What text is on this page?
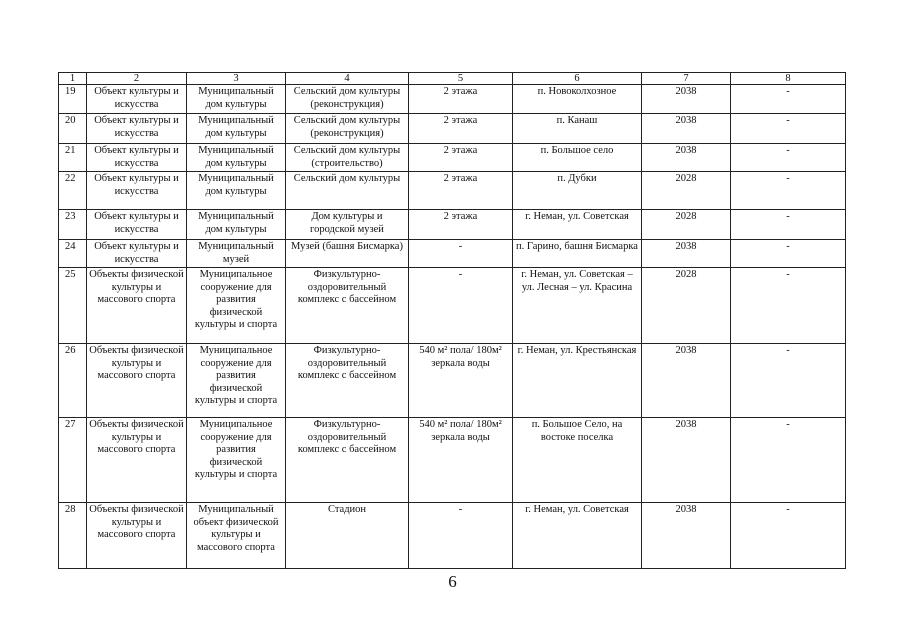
1	2	3	4	5	6	7	8
19	Объект культуры и искусства	Муниципальный дом культуры	Сельский дом культуры (реконструкция)	2 этажа	п. Новоколхозное	2038	-
20	Объект культуры и искусства	Муниципальный дом культуры	Сельский дом культуры (реконструкция)	2 этажа	п. Канаш	2038	-
21	Объект культуры и искусства	Муниципальный дом культуры	Сельский дом культуры (строительство)	2 этажа	п. Большое село	2038	-
22	Объект культуры и искусства	Муниципальный дом культуры	Сельский дом культуры	2 этажа	п. Дубки	2028	-
23	Объект культуры и искусства	Муниципальный дом культуры	Дом культуры и городской музей	2 этажа	г. Неман, ул. Советская	2028	-
24	Объект культуры и искусства	Муниципальный музей	Музей (башня Бисмарка)	-	п. Гарино, башня Бисмарка	2038	-
25	Объекты физической культуры и массового спорта	Муниципальное сооружение для развития физической культуры и спорта	Физкультурно-оздоровительный комплекс с бассейном	-	г. Неман, ул. Советская – ул. Лесная – ул. Красина	2028	-
26	Объекты физической культуры и массового спорта	Муниципальное сооружение для развития физической культуры и спорта	Физкультурно-оздоровительный комплекс с бассейном	540 м² пола/ 180м² зеркала воды	г. Неман, ул. Крестьянская	2038	-
27	Объекты физической культуры и массового спорта	Муниципальное сооружение для развития физической культуры и спорта	Физкультурно-оздоровительный комплекс с бассейном	540 м² пола/ 180м² зеркала воды	п. Большое Село, на востоке поселка	2038	-
28	Объекты физической культуры и массового спорта	Муниципальный объект физической культуры и массового спорта	Стадион	-	г. Неман, ул. Советская	2038	-
6
